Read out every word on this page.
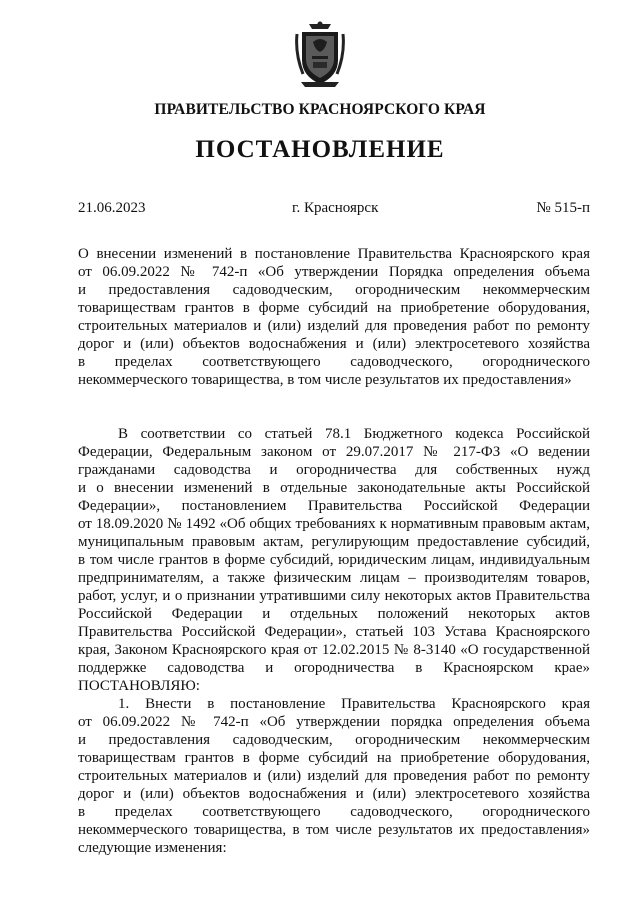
ПРАВИТЕЛЬСТВО КРАСНОЯРСКОГО КРАЯ
ПОСТАНОВЛЕНИЕ
21.06.2023	г. Красноярск	№ 515-п
О внесении изменений в постановление Правительства Красноярского края
от 06.09.2022 № 742-п «Об утверждении Порядка определения объема
и предоставления садоводческим, огородническим некоммерческим
товариществам грантов в форме субсидий на приобретение оборудования,
строительных материалов и (или) изделий для проведения работ по ремонту
дорог и (или) объектов водоснабжения и (или) электросетевого хозяйства
в пределах соответствующего садоводческого, огороднического
некоммерческого товарищества, в том числе результатов их предоставления»
В соответствии со статьей 78.1 Бюджетного кодекса Российской
Федерации, Федеральным законом от 29.07.2017 № 217-ФЗ «О ведении
гражданами садоводства и огородничества для собственных нужд
и о внесении изменений в отдельные законодательные акты Российской
Федерации», постановлением Правительства Российской Федерации
от 18.09.2020 № 1492 «Об общих требованиях к нормативным правовым актам,
муниципальным правовым актам, регулирующим предоставление субсидий,
в том числе грантов в форме субсидий, юридическим лицам, индивидуальным
предпринимателям, а также физическим лицам – производителям товаров,
работ, услуг, и о признании утратившими силу некоторых актов Правительства
Российской Федерации и отдельных положений некоторых актов
Правительства Российской Федерации», статьей 103 Устава Красноярского
края, Законом Красноярского края от 12.02.2015 № 8-3140 «О государственной
поддержке садоводства и огородничества в Красноярском крае»
ПОСТАНОВЛЯЮ:
1. Внести в постановление Правительства Красноярского края
от 06.09.2022 № 742-п «Об утверждении порядка определения объема
и предоставления садоводческим, огородническим некоммерческим
товариществам грантов в форме субсидий на приобретение оборудования,
строительных материалов и (или) изделий для проведения работ по ремонту
дорог и (или) объектов водоснабжения и (или) электросетевого хозяйства
в пределах соответствующего садоводческого, огороднического
некоммерческого товарищества, в том числе результатов их предоставления»
следующие изменения:
